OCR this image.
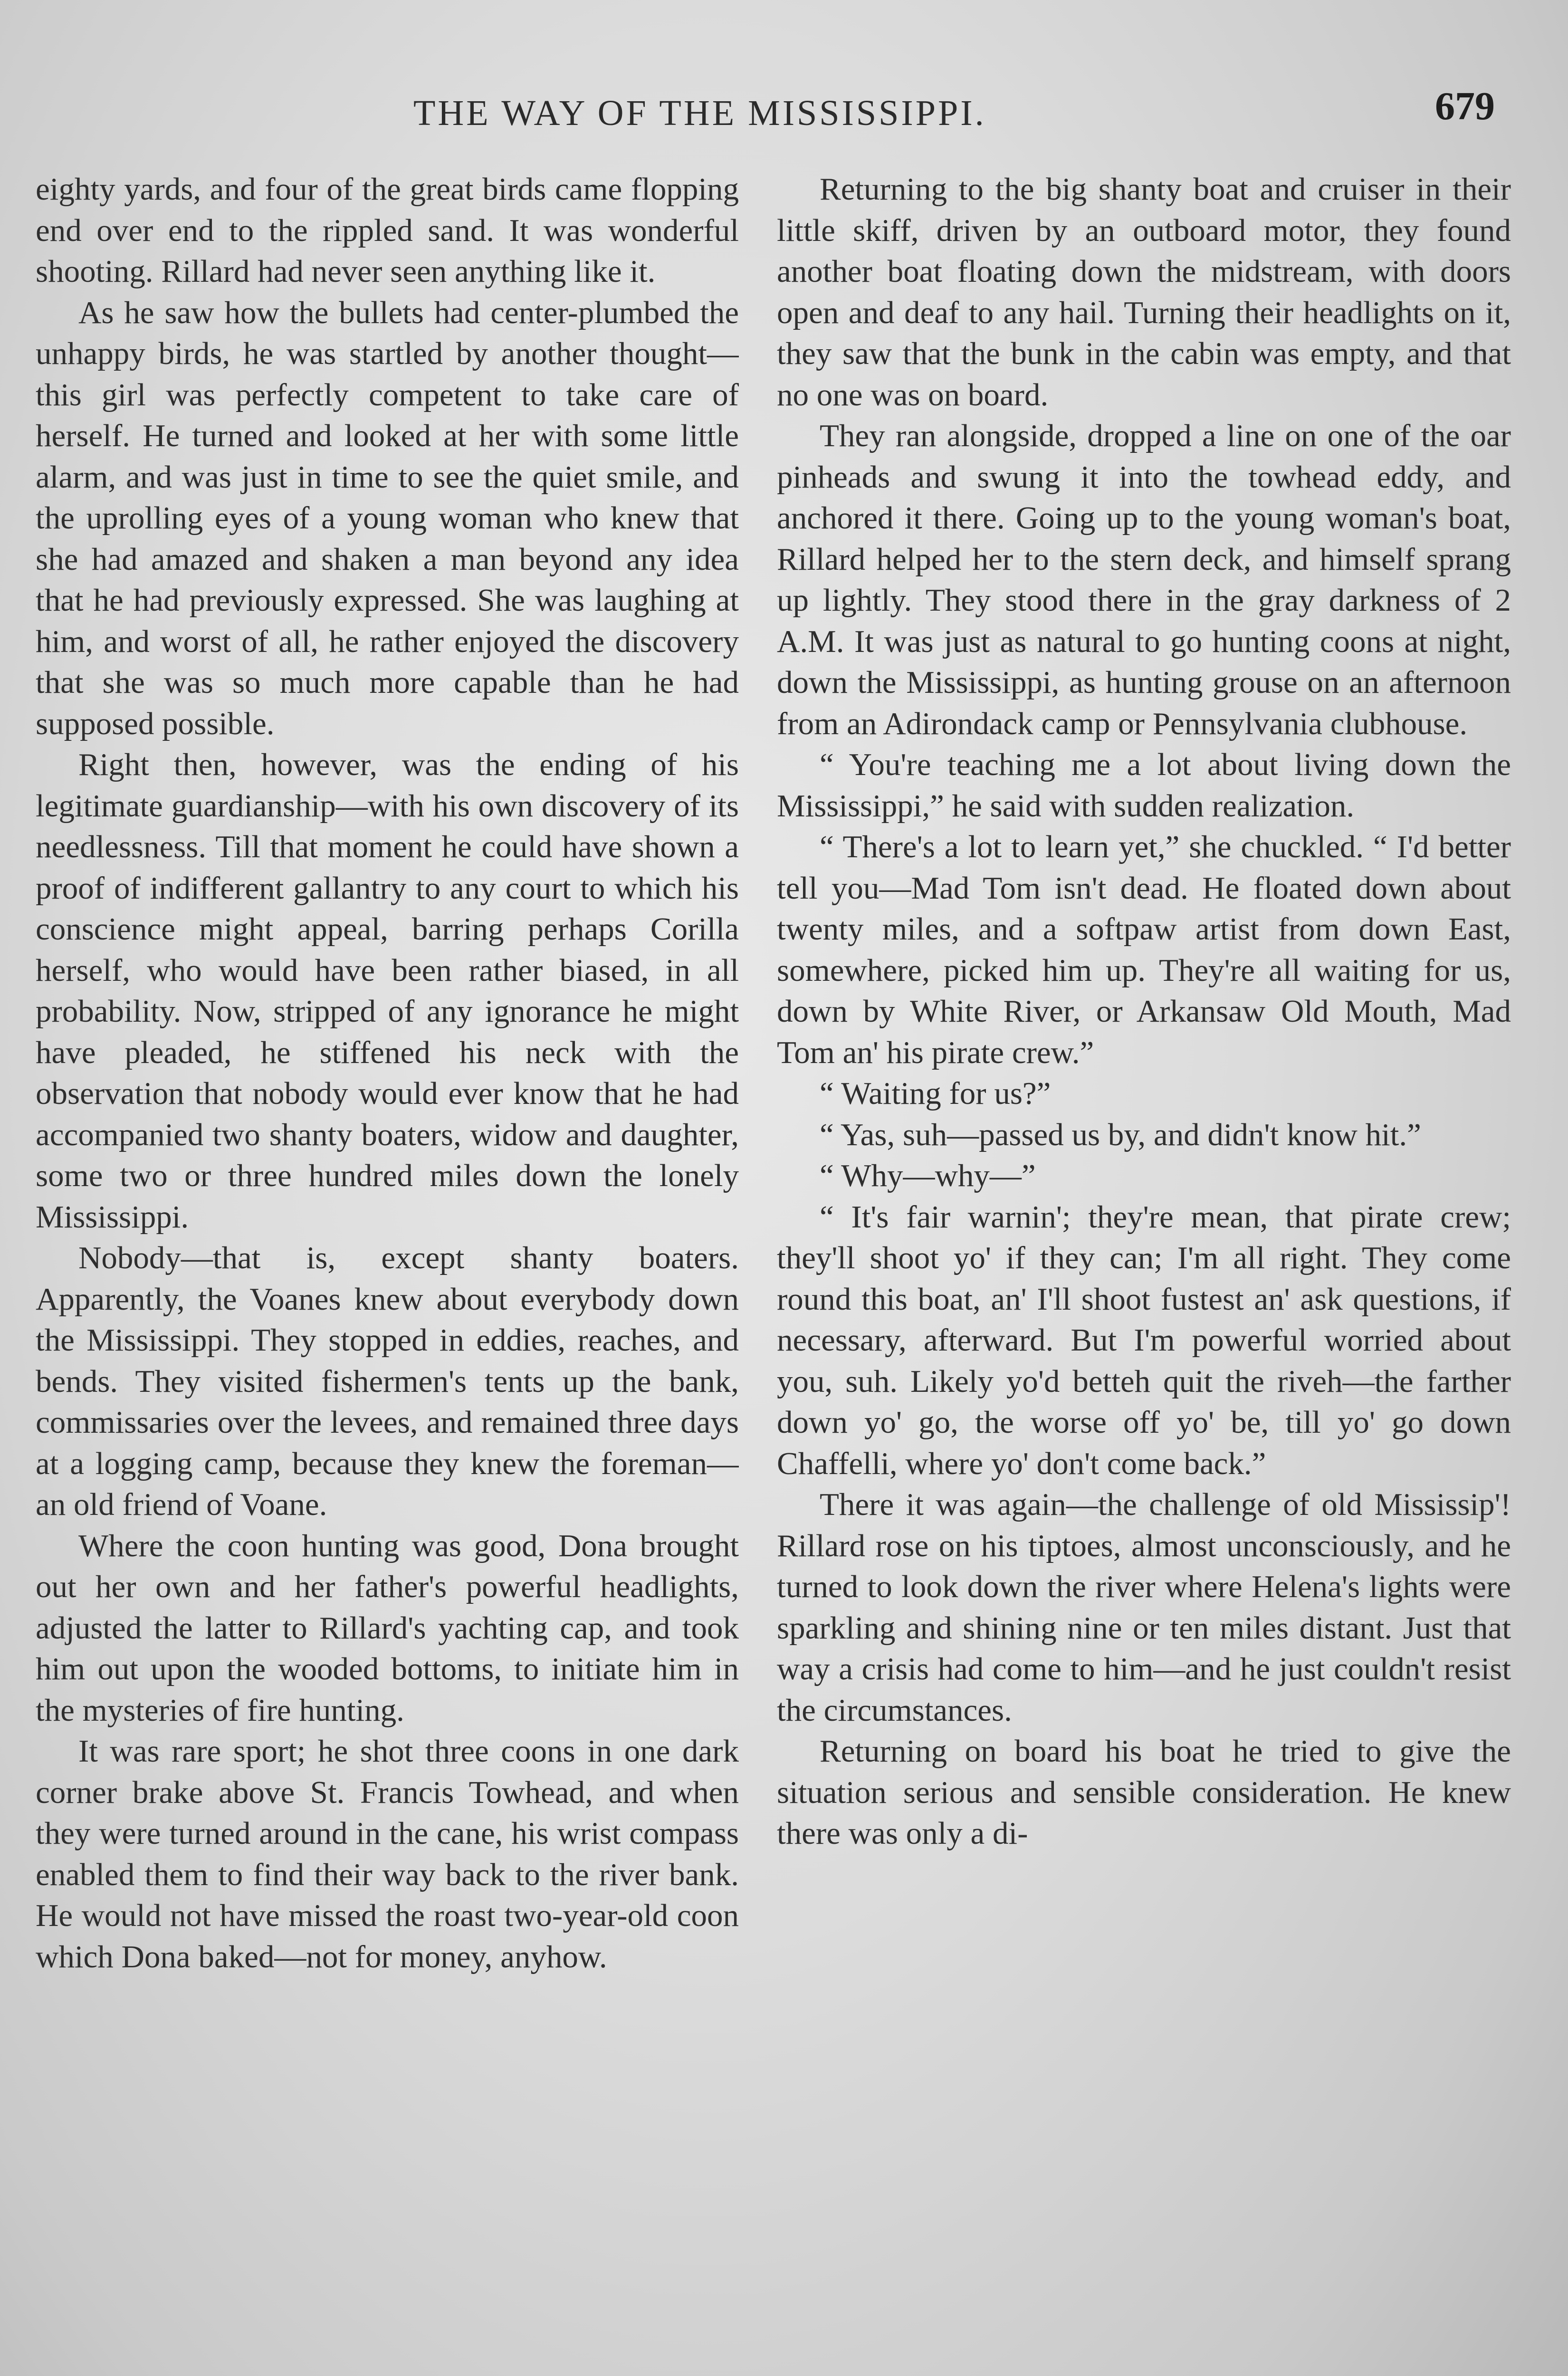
THE WAY OF THE MISSISSIPPI.	679

eighty yards, and four of the great birds came flopping end over end to the rippled sand. It was wonderful shooting. Rillard had never seen anything like it.

As he saw how the bullets had center-plumbed the unhappy birds, he was startled by another thought—this girl was perfectly competent to take care of herself. He turned and looked at her with some little alarm, and was just in time to see the quiet smile, and the uprolling eyes of a young woman who knew that she had amazed and shaken a man beyond any idea that he had previously expressed. She was laughing at him, and worst of all, he rather enjoyed the discovery that she was so much more capable than he had supposed possible.

Right then, however, was the ending of his legitimate guardianship—with his own discovery of its needlessness. Till that moment he could have shown a proof of indifferent gallantry to any court to which his conscience might appeal, barring perhaps Corilla herself, who would have been rather biased, in all probability. Now, stripped of any ignorance he might have pleaded, he stiffened his neck with the observation that nobody would ever know that he had accompanied two shanty boaters, widow and daughter, some two or three hundred miles down the lonely Mississippi.

Nobody—that is, except shanty boaters. Apparently, the Voanes knew about everybody down the Mississippi. They stopped in eddies, reaches, and bends. They visited fishermen's tents up the bank, commissaries over the levees, and remained three days at a logging camp, because they knew the foreman—an old friend of Voane.

Where the coon hunting was good, Dona brought out her own and her father's powerful headlights, adjusted the latter to Rillard's yachting cap, and took him out upon the wooded bottoms, to initiate him in the mysteries of fire hunting.

It was rare sport; he shot three coons in one dark corner brake above St. Francis Towhead, and when they were turned around in the cane, his wrist compass enabled them to find their way back to the river bank. He would not have missed the roast two-year-old coon which Dona baked—not for money, anyhow.

Returning to the big shanty boat and cruiser in their little skiff, driven by an outboard motor, they found another boat floating down the midstream, with doors open and deaf to any hail. Turning their headlights on it, they saw that the bunk in the cabin was empty, and that no one was on board.

They ran alongside, dropped a line on one of the oar pinheads and swung it into the towhead eddy, and anchored it there. Going up to the young woman's boat, Rillard helped her to the stern deck, and himself sprang up lightly. They stood there in the gray darkness of 2 A.M. It was just as natural to go hunting coons at night, down the Mississippi, as hunting grouse on an afternoon from an Adirondack camp or Pennsylvania clubhouse.

“ You're teaching me a lot about living down the Mississippi,” he said with sudden realization.

“ There's a lot to learn yet,” she chuckled. “ I'd better tell you—Mad Tom isn't dead. He floated down about twenty miles, and a softpaw artist from down East, somewhere, picked him up. They're all waiting for us, down by White River, or Arkansaw Old Mouth, Mad Tom an' his pirate crew.”

“ Waiting for us?”

“ Yas, suh—passed us by, and didn't know hit.”

“ Why—why—”

“ It's fair warnin'; they're mean, that pirate crew; they'll shoot yo' if they can; I'm all right. They come round this boat, an' I'll shoot fustest an' ask questions, if necessary, afterward. But I'm powerful worried about you, suh. Likely yo'd betteh quit the riveh—the farther down yo' go, the worse off yo' be, till yo' go down Chaffelli, where yo' don't come back.”

There it was again—the challenge of old Mississip'! Rillard rose on his tiptoes, almost unconsciously, and he turned to look down the river where Helena's lights were sparkling and shining nine or ten miles distant. Just that way a crisis had come to him—and he just couldn't resist the circumstances.

Returning on board his boat he tried to give the situation serious and sensible consideration. He knew there was only a di-
